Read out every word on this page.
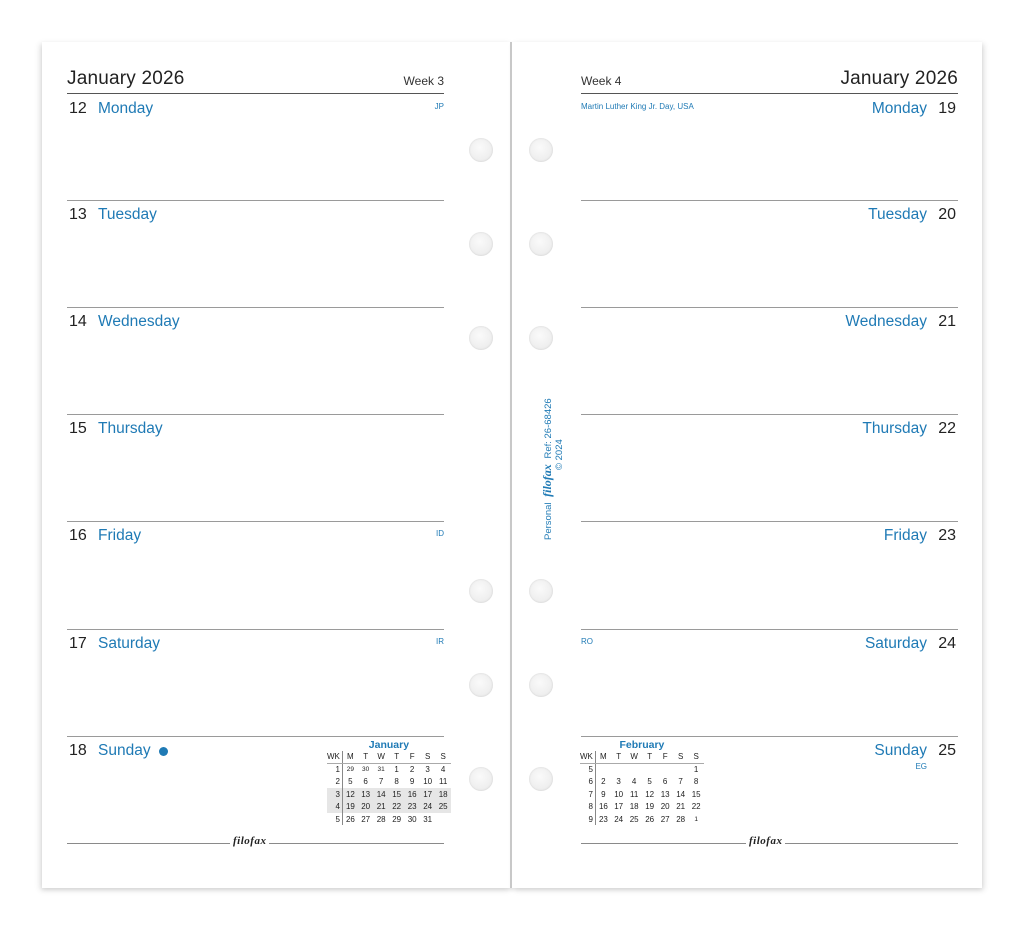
January 2026	Week 3	Week 4	January 2026
12 Monday	JP
13 Tuesday
14 Wednesday
15 Thursday
16 Friday	ID
17 Saturday	IR
18 Sunday	January
WK	M	T	W	T	F	S	S
1	29	30	31	1	2	3	4
2	5	6	7	8	9	10	11
3	12	13	14	15	16	17	18
4	19	20	21	22	23	24	25
5	26	27	28	29	30	31	
filofax
Martin Luther King Jr. Day, USA	Monday 19
Tuesday 20
Wednesday 21
Thursday 22
Friday 23
RO	Saturday 24
Sunday 25
EG
February
WK	M	T	W	T	F	S	S
5							1
6	2	3	4	5	6	7	8
7	9	10	11	12	13	14	15
8	16	17	18	19	20	21	22
9	23	24	25	26	27	28	1
filofax
Personal filofax Ref: 26-68426 © 2024
